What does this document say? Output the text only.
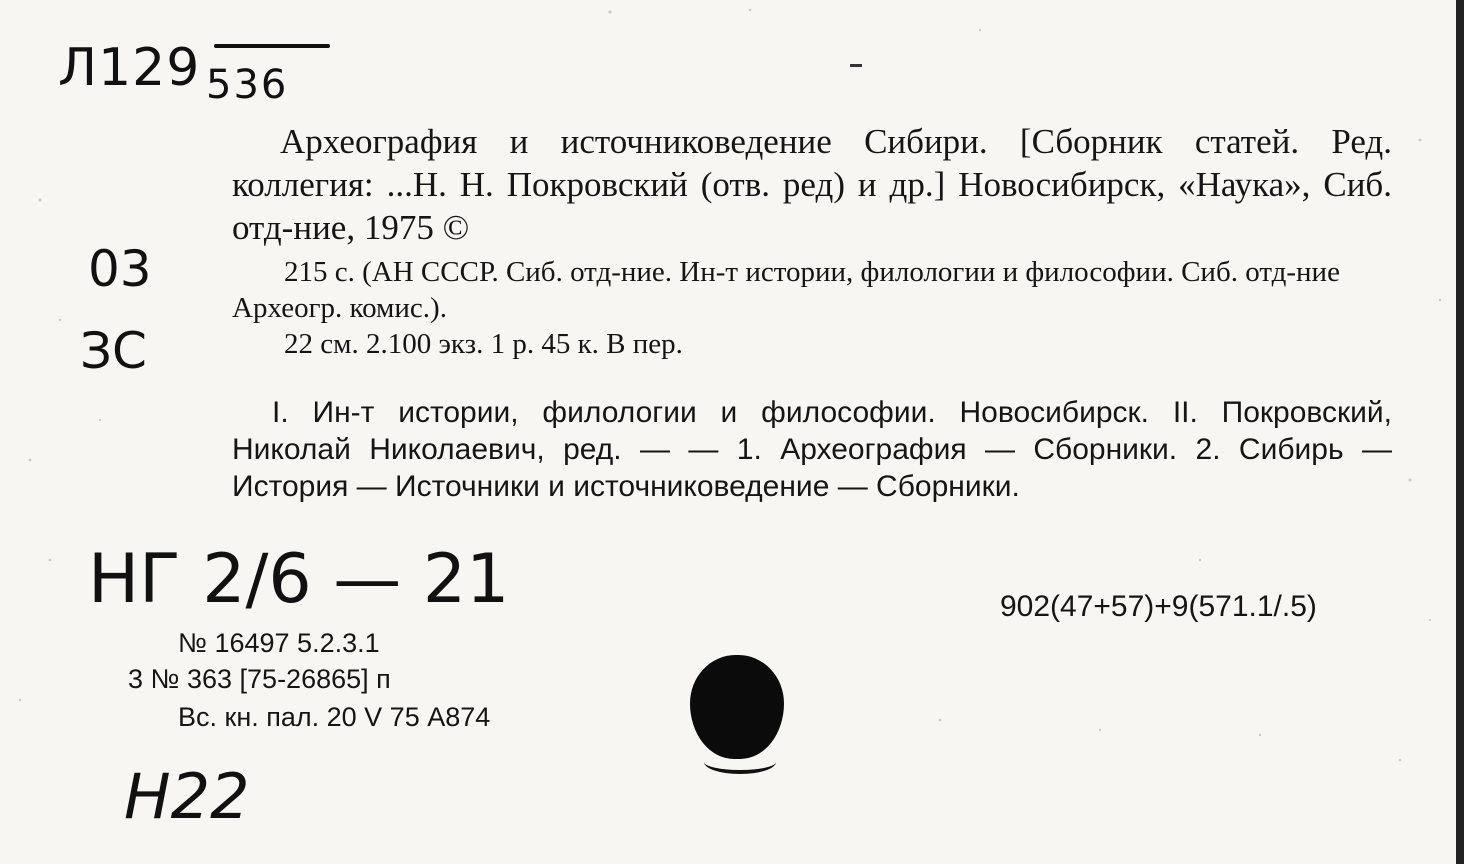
Л129 536
03
ЗС
Археография и источниковедение Сибири. [Сборник статей. Ред. коллегия: ...Н. Н. Покровский (отв. ред) и др.] Новосибирск, «Наука», Сиб. отд-ние, 1975 ©
215 с. (АН СССР. Сиб. отд-ние. Ин-т истории, филологии и философии. Сиб. отд-ние Археогр. комис.).
22 см. 2.100 экз. 1 р. 45 к. В пер.
I. Ин-т истории, филологии и философии. Новосибирск. II. Покровский, Николай Николаевич, ред. — — 1. Археография — Сборники. 2. Сибирь — История — Источники и источниковедение — Сборники.
НГ 2/6 — 21	902(47+57)+9(571.1/.5)
№ 16497 5.2.3.1
3 № 363 [75-26865] п
Вс. кн. пал. 20 V 75 А874
Н22
